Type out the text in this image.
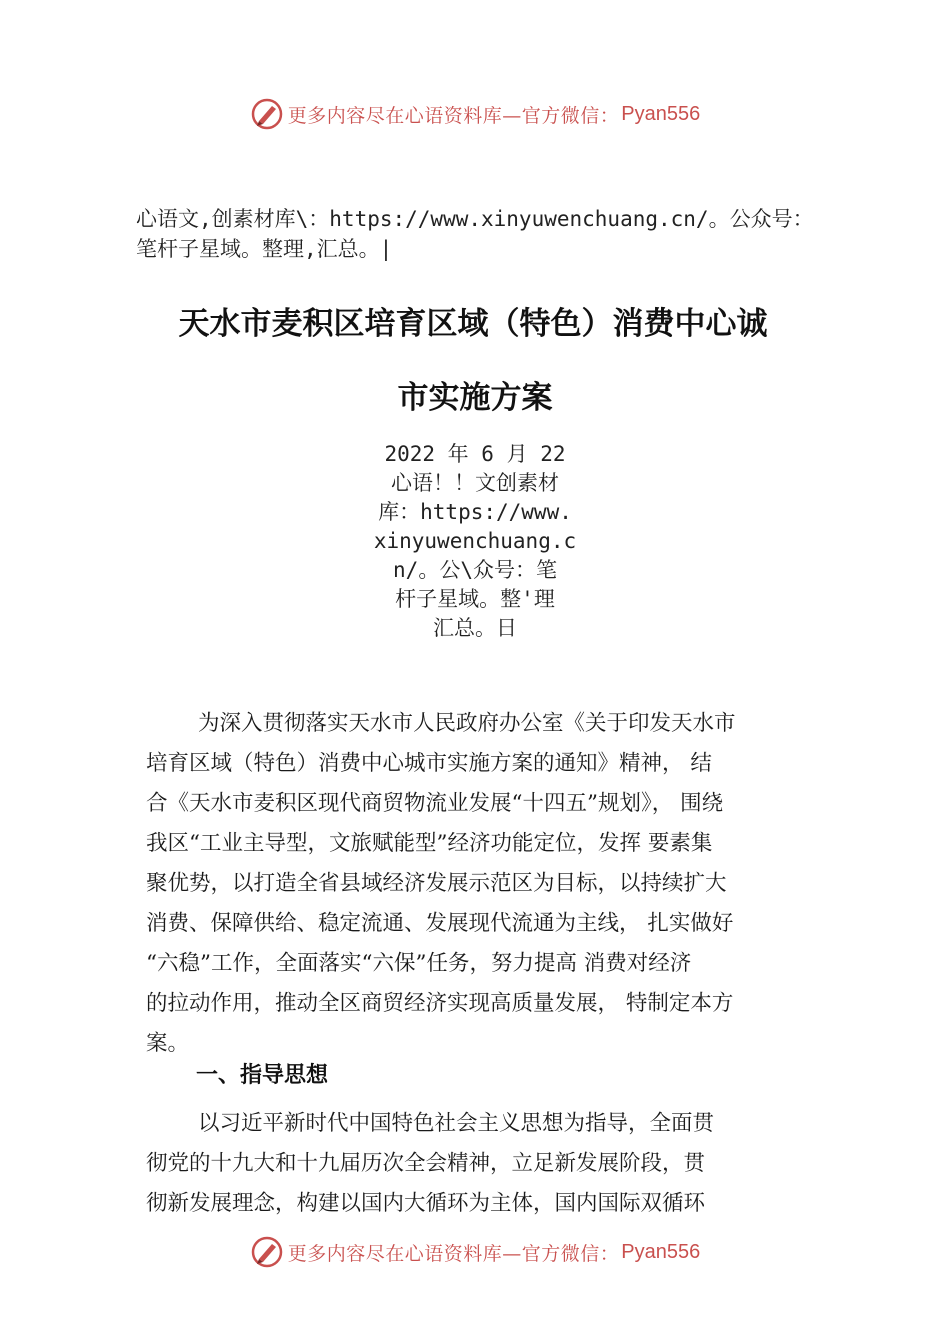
更多内容尽在心语资料库—官方微信： Pyan556
心语文,创素材库\：https://www.xinyuwenchuang.cn/。公众号：
笔杆子星域。整理,汇总。|
天水市麦积区培育区域（特色）消费中心诚
市实施方案
2022 年 6 月 22
心语！！文创素材
库：https://www.
xinyuwenchuang.c
n/。公\众号：笔
杆子星域。整'理
汇总。日
为深入贯彻落实天水市人民政府办公室《关于印发天水市
培育区域（特色）消费中心城市实施方案的通知》精神， 结
合《天水市麦积区现代商贸物流业发展“十四五”规划》， 围绕
我区“工业主导型，文旅赋能型”经济功能定位，发挥 要素集
聚优势，以打造全省县域经济发展示范区为目标，以持续扩大
消费、保障供给、稳定流通、发展现代流通为主线， 扎实做好
“六稳”工作，全面落实“六保”任务，努力提高 消费对经济
的拉动作用，推动全区商贸经济实现高质量发展， 特制定本方
案。
一、指导思想
以习近平新时代中国特色社会主义思想为指导，全面贯
彻党的十九大和十九届历次全会精神，立足新发展阶段，贯
彻新发展理念，构建以国内大循环为主体，国内国际双循环
更多内容尽在心语资料库—官方微信： Pyan556
